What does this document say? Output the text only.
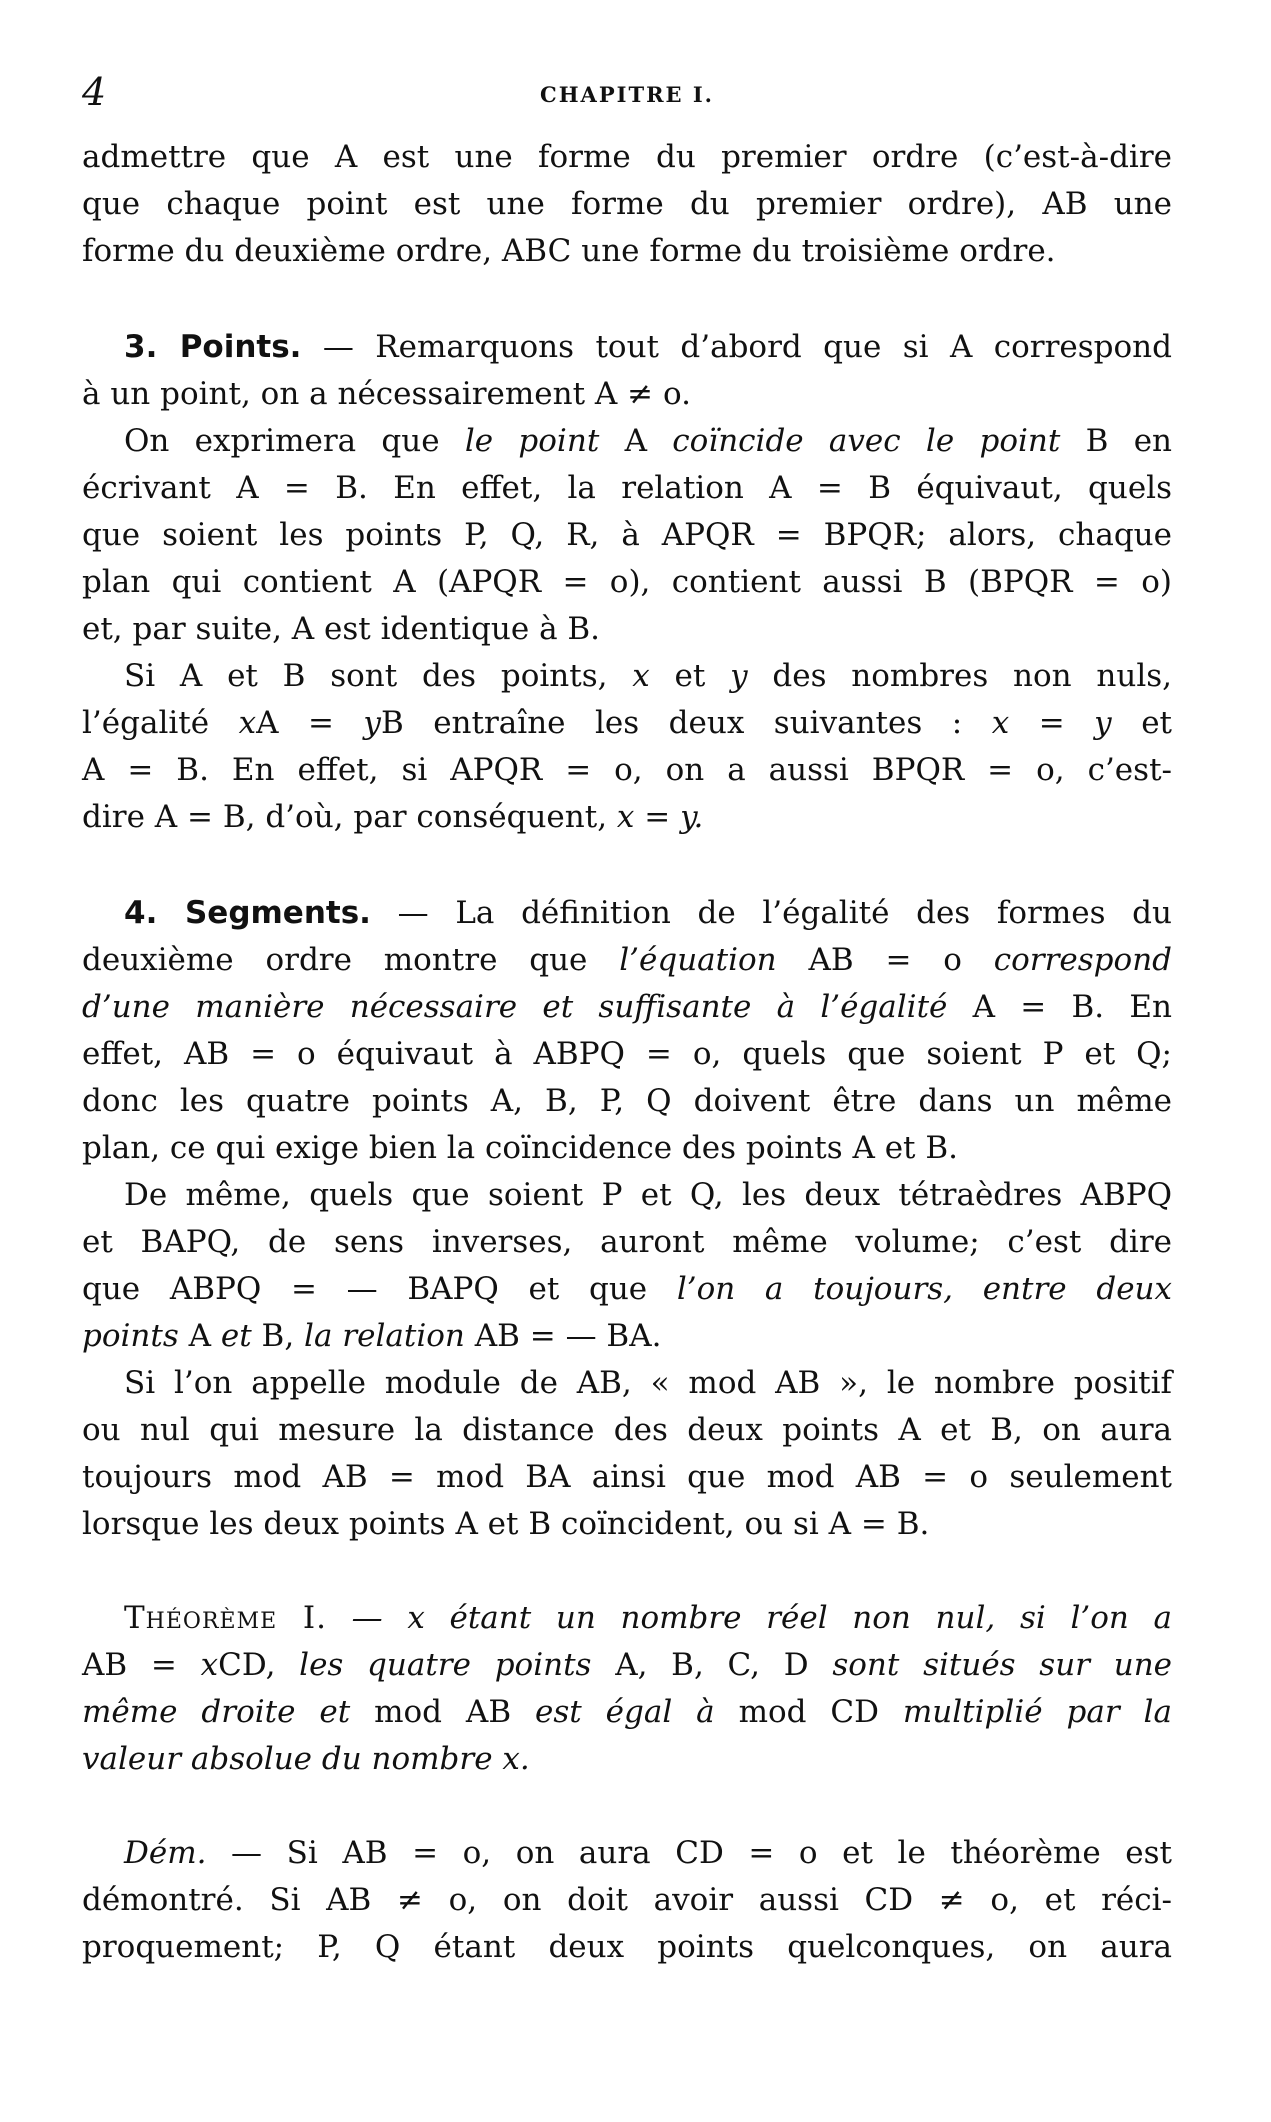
4	CHAPITRE I.

admettre que A est une forme du premier ordre (c’est-à-dire

que chaque point est une forme du premier ordre), AB une

forme du deuxième ordre, ABC une forme du troisième ordre.

3. Points. — Remarquons tout d’abord que si A correspond

à un point, on a nécessairement A ≠ o.

On exprimera que le point A coïncide avec le point B en

écrivant A = B. En effet, la relation A = B équivaut, quels

que soient les points P, Q, R, à APQR = BPQR; alors, chaque

plan qui contient A (APQR = o), contient aussi B (BPQR = o)

et, par suite, A est identique à B.

Si A et B sont des points, x et y des nombres non nuls,

l’égalité xA = yB entraîne les deux suivantes : x = y et

A = B. En effet, si APQR = o, on a aussi BPQR = o, c’est-

dire A = B, d’où, par conséquent, x = y.

4. Segments. — La définition de l’égalité des formes du

deuxième ordre montre que l’équation AB = o correspond

d’une manière nécessaire et suffisante à l’égalité A = B. En

effet, AB = o équivaut à ABPQ = o, quels que soient P et Q;

donc les quatre points A, B, P, Q doivent être dans un même

plan, ce qui exige bien la coïncidence des points A et B.

De même, quels que soient P et Q, les deux tétraèdres ABPQ

et BAPQ, de sens inverses, auront même volume; c’est dire

que ABPQ = — BAPQ et que l’on a toujours, entre deux

points A et B, la relation AB = — BA.

Si l’on appelle module de AB, « mod AB », le nombre positif

ou nul qui mesure la distance des deux points A et B, on aura

toujours mod AB = mod BA ainsi que mod AB = o seulement

lorsque les deux points A et B coïncident, ou si A = B.

Théorème I. — x étant un nombre réel non nul, si l’on a

AB = xCD, les quatre points A, B, C, D sont situés sur une

même droite et mod AB est égal à mod CD multiplié par la

valeur absolue du nombre x.

Dém. — Si AB = o, on aura CD = o et le théorème est

démontré. Si AB ≠ o, on doit avoir aussi CD ≠ o, et réci-

proquement; P, Q étant deux points quelconques, on aura
